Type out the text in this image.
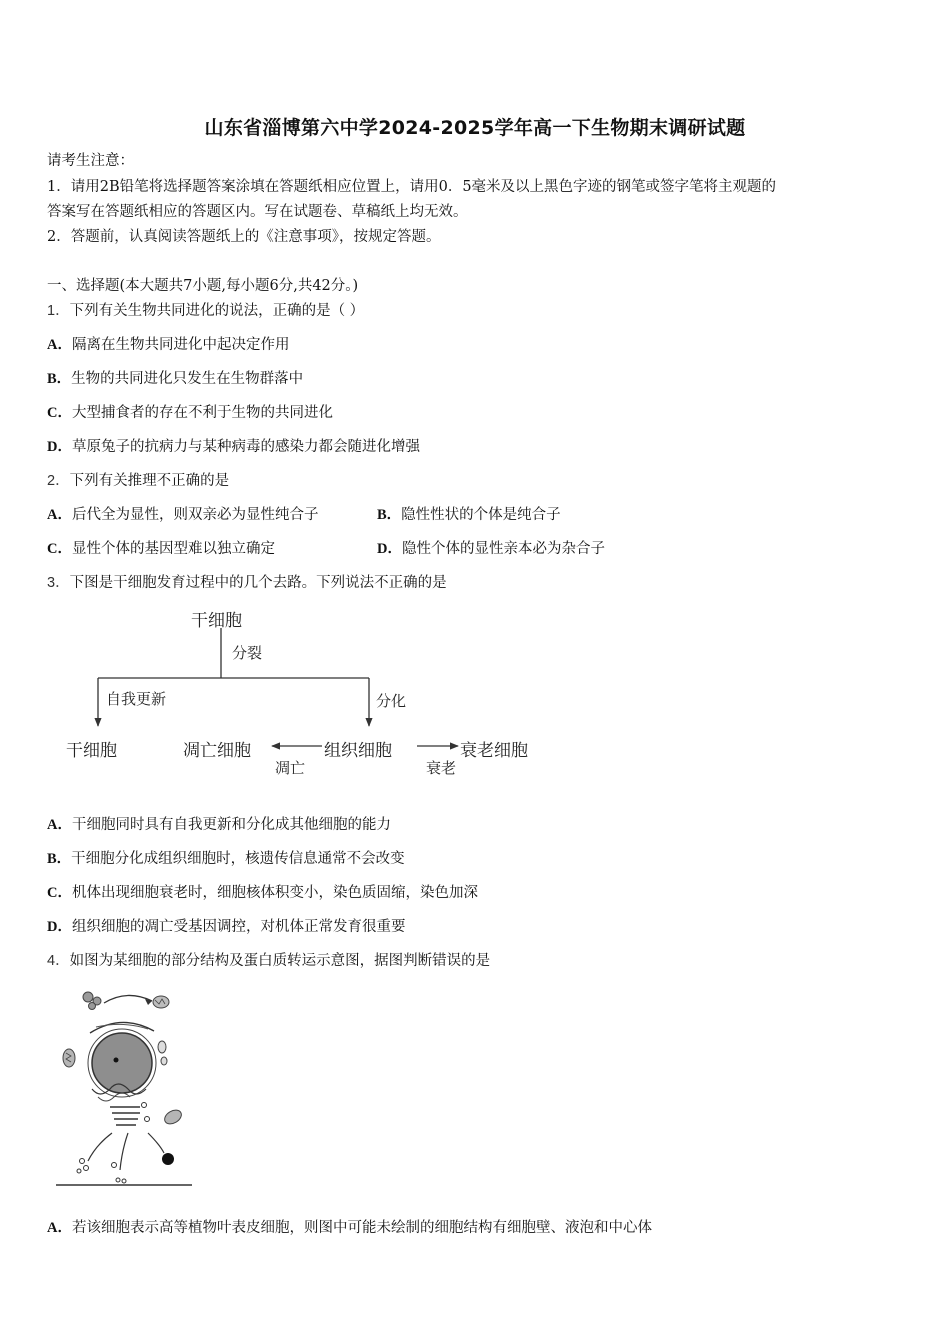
山东省淄博第六中学2024-2025学年高一下生物期末调研试题
请考生注意：
1．请用2B铅笔将选择题答案涂填在答题纸相应位置上，请用0．5毫米及以上黑色字迹的钢笔或签字笔将主观题的
答案写在答题纸相应的答题区内。写在试题卷、草稿纸上均无效。
2．答题前，认真阅读答题纸上的《注意事项》，按规定答题。
一、选择题(本大题共7小题,每小题6分,共42分。)
1．下列有关生物共同进化的说法，正确的是（ ）
A．隔离在生物共同进化中起决定作用
B．生物的共同进化只发生在生物群落中
C．大型捕食者的存在不利于生物的共同进化
D．草原兔子的抗病力与某种病毒的感染力都会随进化增强
2．下列有关推理不正确的是
A．后代全为显性，则双亲必为显性纯合子	B．隐性性状的个体是纯合子
C．显性个体的基因型难以独立确定	D．隐性个体的显性亲本必为杂合子
3．下图是干细胞发育过程中的几个去路。下列说法不正确的是
干细胞
分裂
自我更新	分化
干细胞	凋亡细胞	组织细胞	衰老细胞
凋亡	衰老
A．干细胞同时具有自我更新和分化成其他细胞的能力
B．干细胞分化成组织细胞时，核遗传信息通常不会改变
C．机体出现细胞衰老时，细胞核体积变小，染色质固缩，染色加深
D．组织细胞的凋亡受基因调控，对机体正常发育很重要
4．如图为某细胞的部分结构及蛋白质转运示意图，据图判断错误的是
A．若该细胞表示高等植物叶表皮细胞，则图中可能未绘制的细胞结构有细胞壁、液泡和中心体
